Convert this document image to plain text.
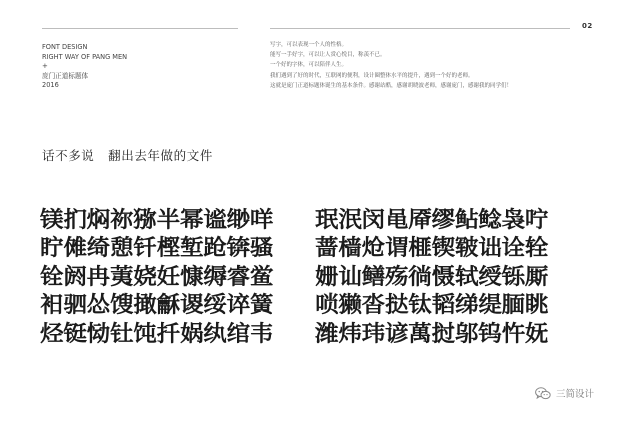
02
FONT DESIGN
RIGHT WAY OF PANG MEN
+
庞门正道标题体
2016
写字，可以表现一个人的性格。
能写一手好字，可以让人赏心悦目，称羡不已。
一个好的字体，可以陪伴人生。
我们遇到了好的时代，互联网的便利，设计圈整体水平的提升，遇到一个好的老师。
这就是庞门正道标题体诞生的基本条件。感谢站酷，感谢胡晓波老师，感谢庞门，感谢我的同学们！
话不多说   翻出去年做的文件
镁扪焖祢猕半幂谧缈咩
眝傩绮憩钎樫堑跄锛骚
铨阏冉荑娆妊慷缛睿鲎
衵驷怂馊撖龢谡绥谇簧
烃铤恸钍饨扦娲纨绾韦
珉泯闵黾厣缪鲇鲶袅咛
蔷樯炝谓榧锲皲诎诠辁
姗讪鳝殇徜慑轼绶铄厮
唢獭沓挞钛韬绨缇腼眺
潍炜玮谚萬挝邬钨忤妩
三简设计
